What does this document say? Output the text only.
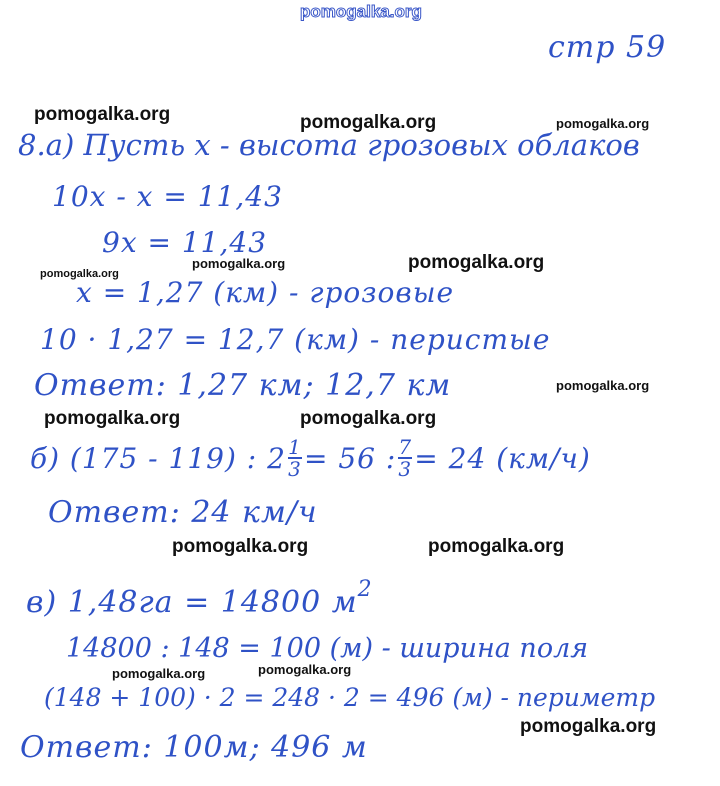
pomogalka.org
стр 59
8.а) Пусть х - высота грозовых облаков
10х - х = 11,43
9х = 11,43
х = 1,27 (км) - грозовые
10 · 1,27 = 12,7 (км) - перистые
Ответ: 1,27 км; 12,7 км
б) (175 - 119) : $2 \frac{1}{3} = 56$ : $\frac{7}{3} = 24$ (км/ч)
Ответ: 24 км/ч
в) 1,48га = 14800 $м^2$
14800 : 148 = 100 (м) - ширина поля
(148 + 100) · 2 = 248 · 2 = 496 (м) - периметр
Ответ: 100м; 496 м
pomogalka.org	pomogalka.org	pomogalka.org
pomogalka.org
pomogalka.org
pomogalka.org
pomogalka.org
pomogalka.org	pomogalka.org
pomogalka.org	pomogalka.org
pomogalka.org	pomogalka.org
pomogalka.org
